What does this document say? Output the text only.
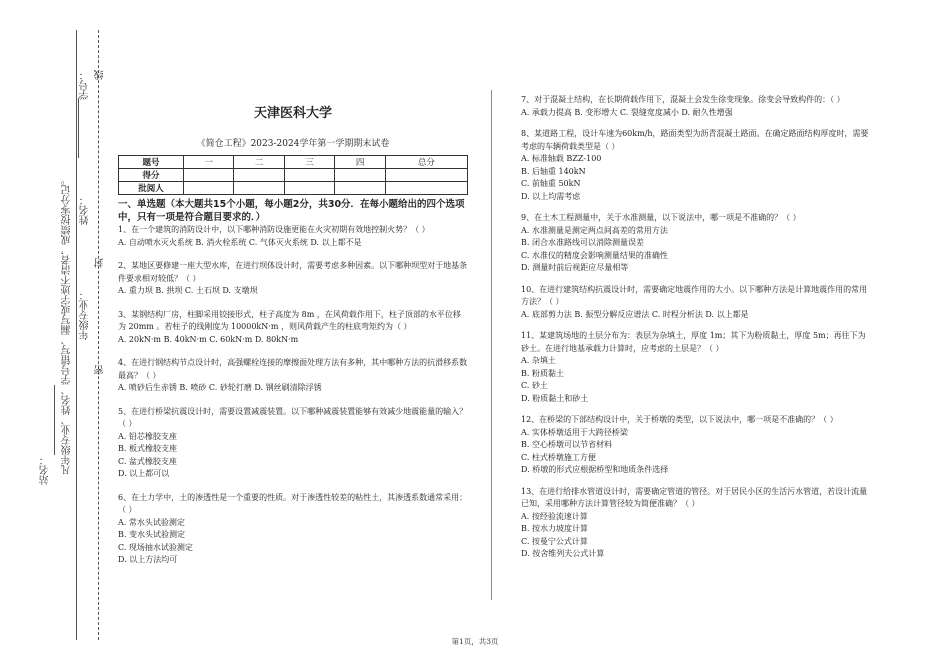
学号：
姓名：
年级专业：
线
封
密
凡年级专业、姓名、学号错写、漏写或字迹不清者，成绩按零分记。
站名：
天津医科大学
《简仓工程》2023-2024学年第一学期期末试卷
题号	一	二	三	四	总分
得分					
批阅人					
一、单选题（本大题共15个小题，每小题2分，共30分．在每小题给出的四个选项中，只有一项是符合题目要求的．）

1、在一个建筑的消防设计中，以下哪种消防设施更能在火灾初期有效地控制火势？（ ）

A. 自动喷水灭火系统 B. 消火栓系统 C. 气体灭火系统 D. 以上都不是

2、某地区要修建一座大型水库，在进行坝体设计时，需要考虑多种因素。以下哪种坝型对于地基条件要求相对较低？（ ）

A. 重力坝 B. 拱坝 C. 土石坝 D. 支墩坝

3、某钢结构厂房，柱脚采用铰接形式，柱子高度为 8m ，在风荷载作用下，柱子顶部的水平位移为 20mm 。若柱子的线刚度为 10000kN·m ，则风荷载产生的柱底弯矩约为（ ）

A. 20kN·m B. 40kN·m C. 60kN·m D. 80kN·m

4、在进行钢结构节点设计时，高强螺栓连接的摩擦面处理方法有多种，其中哪种方法的抗滑移系数最高？（ ）

A. 喷砂后生赤锈 B. 喷砂 C. 砂轮打磨 D. 钢丝刷清除浮锈

5、在进行桥梁抗震设计时，需要设置减震装置。以下哪种减震装置能够有效减少地震能量的输入？（ ）

A. 铅芯橡胶支座

B. 板式橡胶支座

C. 盆式橡胶支座

D. 以上都可以

6、在土力学中，土的渗透性是一个重要的性质。对于渗透性较差的粘性土，其渗透系数通常采用：（ ）

A. 常水头试验测定

B. 变水头试验测定

C. 现场抽水试验测定

D. 以上方法均可

7、对于混凝土结构，在长期荷载作用下，混凝土会发生徐变现象。徐变会导致构件的：（ ）

A. 承载力提高 B. 变形增大 C. 裂缝宽度减小 D. 耐久性增强

8、某道路工程，设计车速为60km/h，路面类型为沥青混凝土路面。在确定路面结构厚度时，需要考虑的车辆荷载类型是（ ）

A. 标准轴载 BZZ-100

B. 后轴重 140kN

C. 前轴重 50kN

D. 以上均需考虑

9、在土木工程测量中，关于水准测量，以下说法中，哪一项是不准确的？（ ）

A. 水准测量是测定两点间高差的常用方法

B. 闭合水准路线可以消除测量误差

C. 水准仪的精度会影响测量结果的准确性

D. 测量时前后视距应尽量相等

10、在进行建筑结构抗震设计时，需要确定地震作用的大小。以下哪种方法是计算地震作用的常用方法？（ ）

A. 底部剪力法 B. 振型分解反应谱法 C. 时程分析法 D. 以上都是

11、某建筑场地的土层分布为：表层为杂填土，厚度 1m；其下为粉质黏土，厚度 5m；再往下为砂土。在进行地基承载力计算时，应考虑的土层是？（ ）

A. 杂填土

B. 粉质黏土

C. 砂土

D. 粉质黏土和砂土

12、在桥梁的下部结构设计中，关于桥墩的类型，以下说法中，哪一项是不准确的？（ ）

A. 实体桥墩适用于大跨径桥梁

B. 空心桥墩可以节省材料

C. 柱式桥墩施工方便

D. 桥墩的形式应根据桥型和地质条件选择

13、在进行给排水管道设计时，需要确定管道的管径。对于居民小区的生活污水管道，若设计流量已知，采用哪种方法计算管径较为简便准确？（ ）

A. 按经验流速计算

B. 按水力坡度计算

C. 按曼宁公式计算

D. 按舍维列夫公式计算

第1页，共3页
